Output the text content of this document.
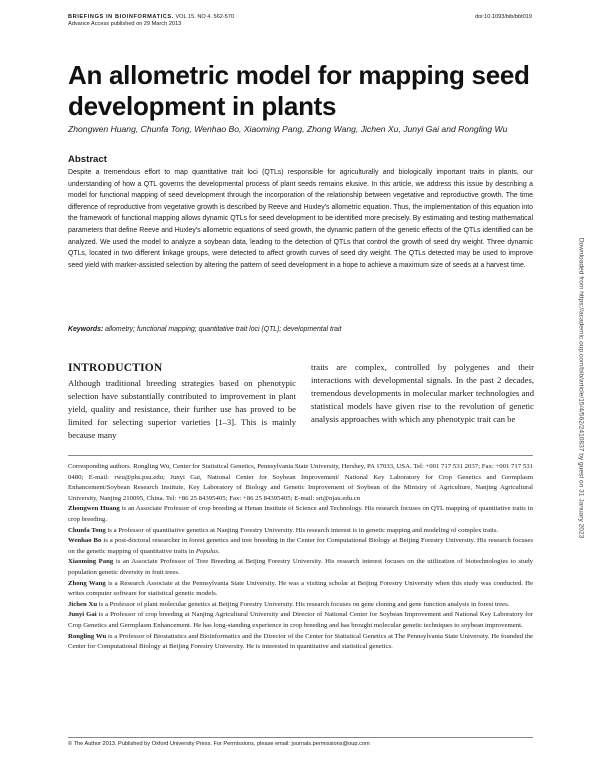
BRIEFINGS IN BIOINFORMATICS. VOL 15. NO 4. 562-570
Advance Access published on 29 March 2013
doi:10.1093/bib/bbt019
An allometric model for mapping seed development in plants
Zhongwen Huang, Chunfa Tong, Wenhao Bo, Xiaoming Pang, Zhong Wang, Jichen Xu, Junyi Gai and Rongling Wu
Abstract
Despite a tremendous effort to map quantitative trait loci (QTLs) responsible for agriculturally and biologically important traits in plants, our understanding of how a QTL governs the developmental process of plant seeds remains elusive. In this article, we address this issue by describing a model for functional mapping of seed development through the incorporation of the relationship between vegetative and reproductive growth. The time difference of reproductive from vegetative growth is described by Reeve and Huxley's allometric equation. Thus, the implementation of this equation into the framework of functional mapping allows dynamic QTLs for seed development to be identified more precisely. By estimating and testing mathematical parameters that define Reeve and Huxley's allometric equations of seed growth, the dynamic pattern of the genetic effects of the QTLs identified can be analyzed. We used the model to analyze a soybean data, leading to the detection of QTLs that control the growth of seed dry weight. Three dynamic QTLs, located in two different linkage groups, were detected to affect growth curves of seed dry weight. The QTLs detected may be used to improve seed yield with marker-assisted selection by altering the pattern of seed development in a hope to achieve a maximum size of seeds at a harvest time.
Keywords: allometry; functional mapping; quantitative trait loci (QTL); developmental trait
INTRODUCTION
Although traditional breeding strategies based on phenotypic selection have substantially contributed to improvement in plant yield, quality and resistance, their further use has proved to be limited for selecting superior varieties [1–3]. This is mainly because many
traits are complex, controlled by polygenes and their interactions with developmental signals. In the past 2 decades, tremendous developments in molecular marker technologies and statistical models have given rise to the revolution of genetic analysis approaches with which any phenotypic trait can be

Corresponding authors. Rongling Wu, Center for Statistical Genetics, Pennsylvania State University, Hershey, PA 17033, USA. Tel: +001 717 531 2037; Fax: +001 717 531 0480; E-mail: rwu@phs.psu.edu; Junyi Gai, National Center for Soybean Improvement/ National Key Laboratory for Crop Genetics and Germplasm Enhancement/Soybean Research Institute, Key Laboratory of Biology and Genetic Improvement of Soybean of the Ministry of Agriculture, Nanjing Agricultural University, Nanjing 210095, China. Tel: +86 25 84395405; Fax: +86 25 84395405; E-mail: sri@njau.edu.cn

Zhongwen Huang is an Associate Professor of crop breeding at Henan Institute of Science and Technology. His research focuses on QTL mapping of quantitative traits in crop breeding.

Chunfa Tong is a Professor of quantitative genetics at Nanjing Forestry University. His research interest is in genetic mapping and modeling of complex traits.

Wenhao Bo is a post-doctoral researcher in forest genetics and tree breeding in the Center for Computational Biology at Beijing Forestry University. His research focuses on the genetic mapping of quantitative traits in Populus.

Xiaoming Pang is an Associate Professor of Tree Breeding at Beijing Forestry University. His research interest focuses on the utilization of biotechnologies to study population genetic diversity in fruit trees.

Zhong Wang is a Research Associate at the Pennsylvania State University. He was a visiting scholar at Beijing Forestry University when this study was conducted. He writes computer software for statistical genetic models.

Jichen Xu is a Professor of plant molecular genetics at Beijing Forestry University. His research focuses on gene cloning and gene function analysis in forest trees.

Junyi Gai is a Professor of crop breeding at Nanjing Agricultural University and Director of National Center for Soybean Improvement and National Key Laboratory for Crop Genetics and Germplasm Enhancement. He has long-standing experience in crop breeding and has brought molecular genetic techniques to soybean improvement.

Rongling Wu is a Professor of Biostatistics and Bioinformatics and the Director of the Center for Statistical Genetics at The Pennsylvania State University. He founded the Center for Computational Biology at Beijing Forestry University. He is interested in quantitative and statistical genetics.

© The Author 2013. Published by Oxford University Press. For Permissions, please email: journals.permissions@oup.com
Downloaded from https://academic.oup.com/bib/article/15/4/562/2410837 by guest on 31 January 2023
